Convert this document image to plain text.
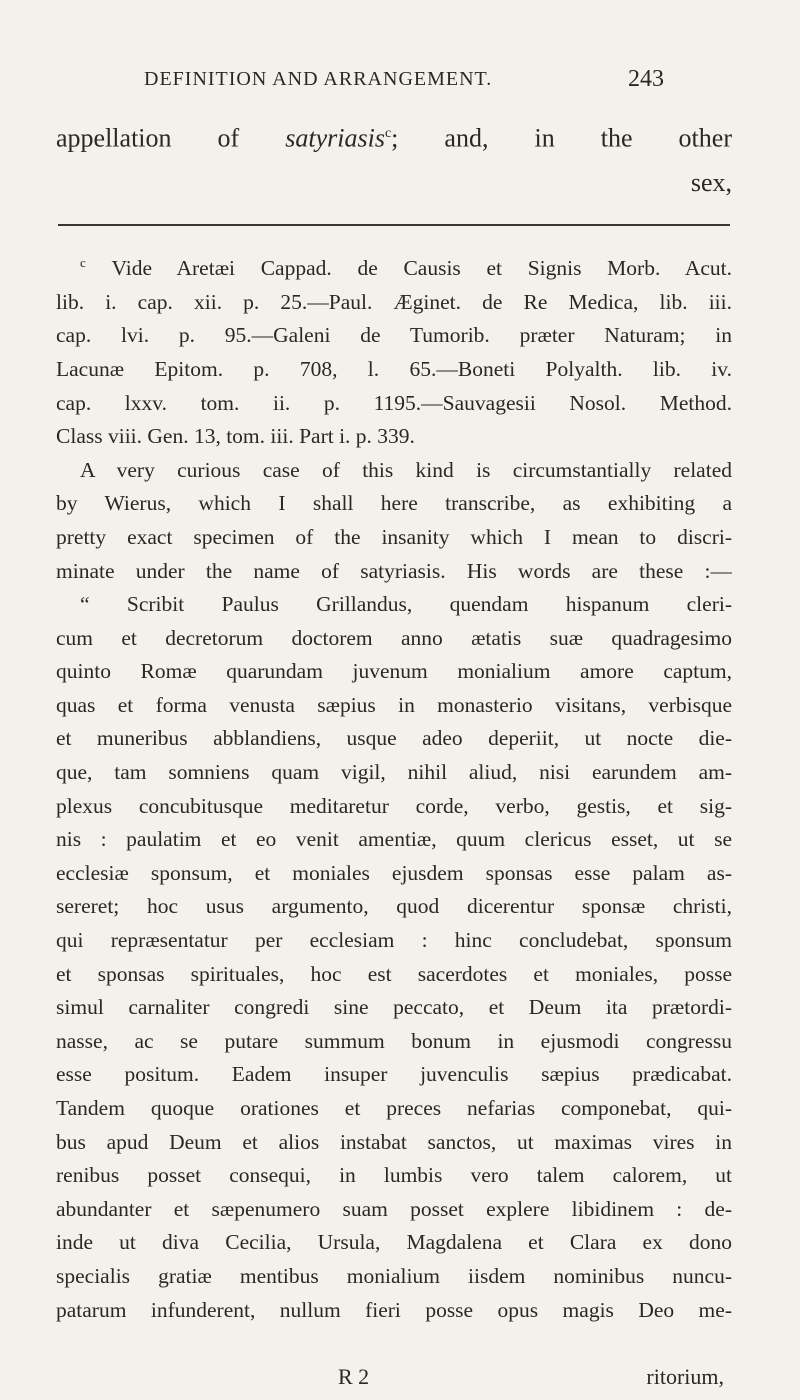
DEFINITION AND ARRANGEMENT.	243
appellation of satyriasis$^c$; and, in the other
sex,
$^c$ Vide Aretæi Cappad. de Causis et Signis Morb. Acut.
lib. i. cap. xii. p. 25.—Paul. Æginet. de Re Medica, lib. iii.
cap. lvi. p. 95.—Galeni de Tumorib. præter Naturam; in
Lacunæ Epitom. p. 708, l. 65.—Boneti Polyalth. lib. iv.
cap. lxxv. tom. ii. p. 1195.—Sauvagesii Nosol. Method.
Class viii. Gen. 13, tom. iii. Part i. p. 339.
A very curious case of this kind is circumstantially related
by Wierus, which I shall here transcribe, as exhibiting a
pretty exact specimen of the insanity which I mean to discri-
minate under the name of satyriasis. His words are these :—
“ Scribit Paulus Grillandus, quendam hispanum cleri-
cum et decretorum doctorem anno ætatis suæ quadragesimo
quinto Romæ quarundam juvenum monialium amore captum,
quas et forma venusta sæpius in monasterio visitans, verbisque
et muneribus abblandiens, usque adeo deperiit, ut nocte die-
que, tam somniens quam vigil, nihil aliud, nisi earundem am-
plexus concubitusque meditaretur corde, verbo, gestis, et sig-
nis : paulatim et eo venit amentiæ, quum clericus esset, ut se
ecclesiæ sponsum, et moniales ejusdem sponsas esse palam as-
sereret; hoc usus argumento, quod dicerentur sponsæ christi,
qui repræsentatur per ecclesiam : hinc concludebat, sponsum
et sponsas spirituales, hoc est sacerdotes et moniales, posse
simul carnaliter congredi sine peccato, et Deum ita prætordi-
nasse, ac se putare summum bonum in ejusmodi congressu
esse positum. Eadem insuper juvenculis sæpius prædicabat.
Tandem quoque orationes et preces nefarias componebat, qui-
bus apud Deum et alios instabat sanctos, ut maximas vires in
renibus posset consequi, in lumbis vero talem calorem, ut
abundanter et sæpenumero suam posset explere libidinem : de-
inde ut diva Cecilia, Ursula, Magdalena et Clara ex dono
specialis gratiæ mentibus monialium iisdem nominibus nuncu-
patarum infunderent, nullum fieri posse opus magis Deo me-
R 2	ritorium,
